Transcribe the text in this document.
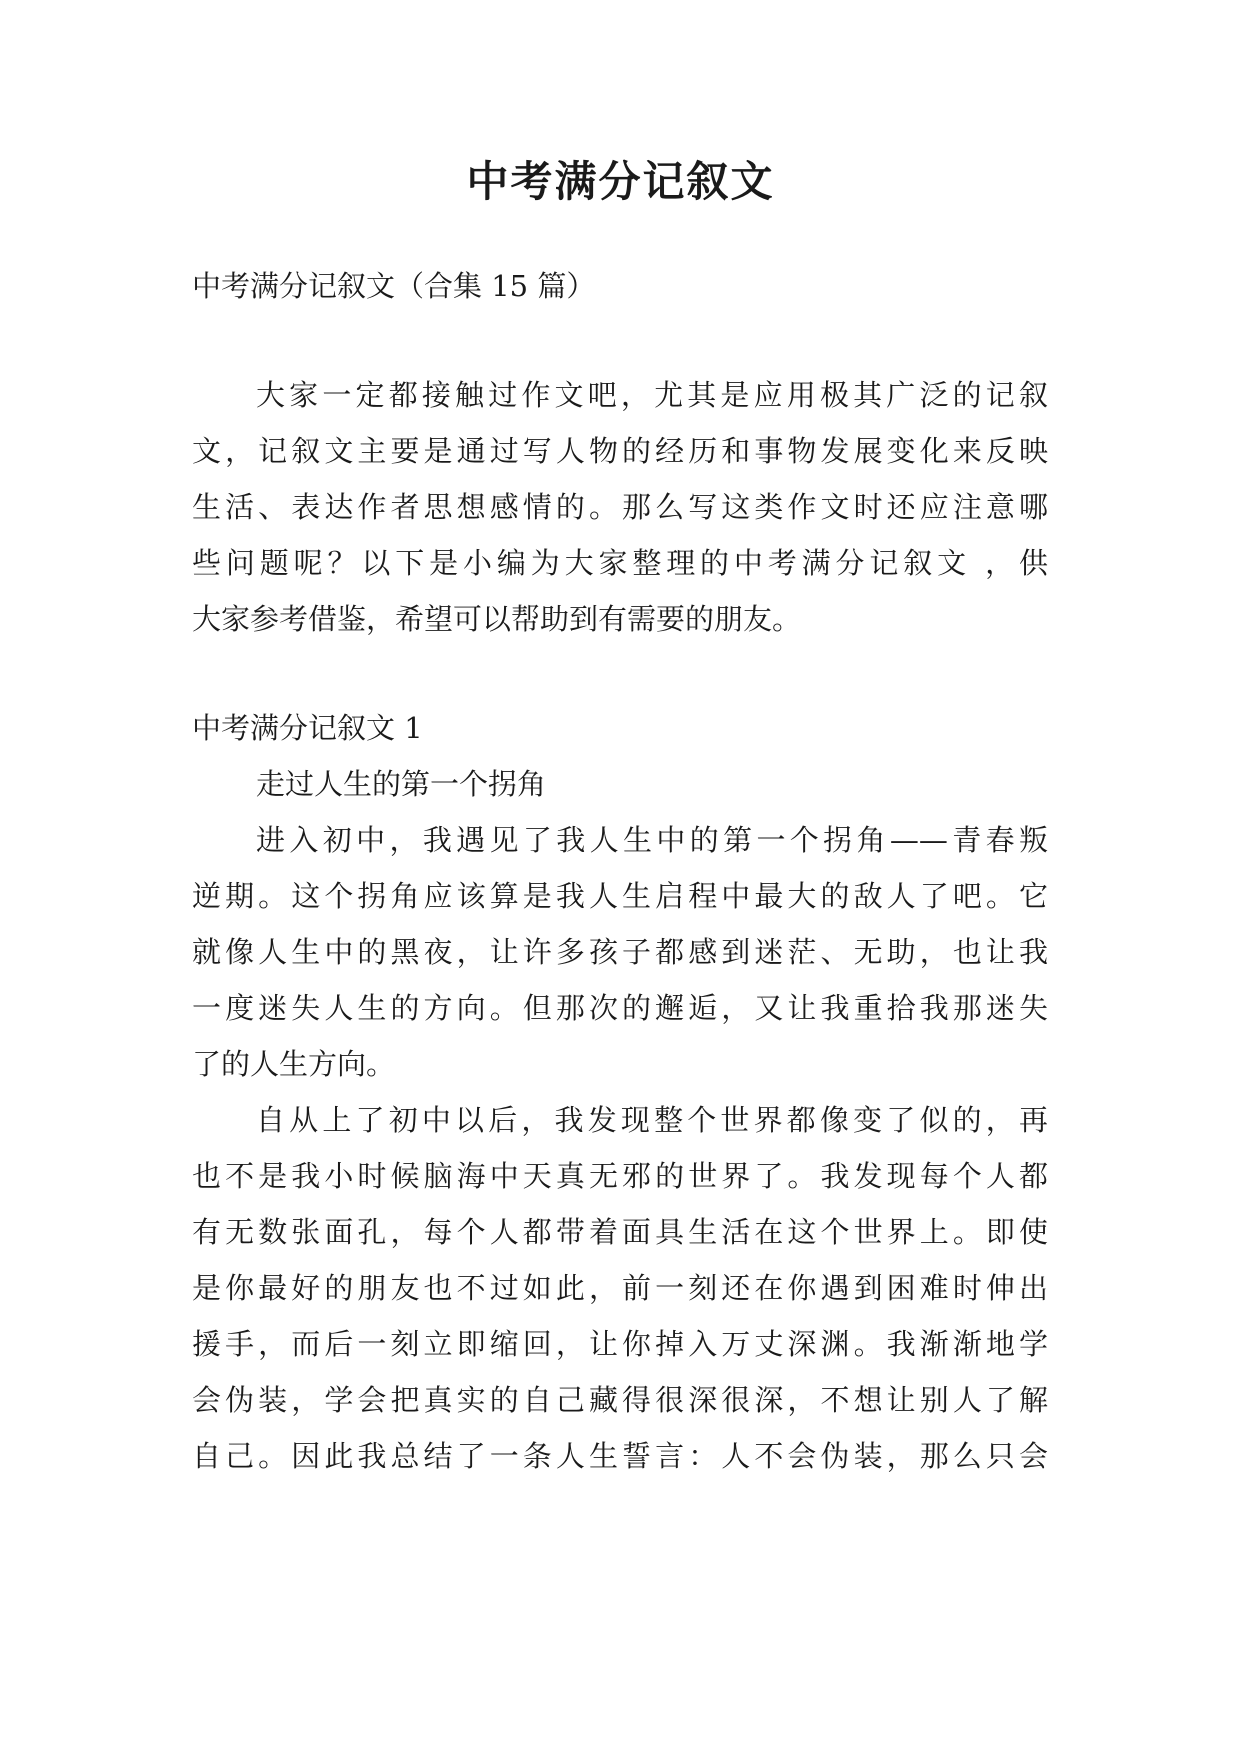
中考满分记叙文
中考满分记叙文（合集 15 篇）
大家一定都接触过作文吧，尤其是应用极其广泛的记叙
文，记叙文主要是通过写人物的经历和事物发展变化来反映
生活、表达作者思想感情的。那么写这类作文时还应注意哪
些问题呢？以下是小编为大家整理的中考满分记叙文 ，供
大家参考借鉴，希望可以帮助到有需要的朋友。
中考满分记叙文 1
走过人生的第一个拐角
进入初中，我遇见了我人生中的第一个拐角——青春叛
逆期。这个拐角应该算是我人生启程中最大的敌人了吧。它
就像人生中的黑夜，让许多孩子都感到迷茫、无助，也让我
一度迷失人生的方向。但那次的邂逅，又让我重拾我那迷失
了的人生方向。
自从上了初中以后，我发现整个世界都像变了似的，再
也不是我小时候脑海中天真无邪的世界了。我发现每个人都
有无数张面孔，每个人都带着面具生活在这个世界上。即使
是你最好的朋友也不过如此，前一刻还在你遇到困难时伸出
援手，而后一刻立即缩回，让你掉入万丈深渊。我渐渐地学
会伪装，学会把真实的自己藏得很深很深，不想让别人了解
自己。因此我总结了一条人生誓言：人不会伪装，那么只会
